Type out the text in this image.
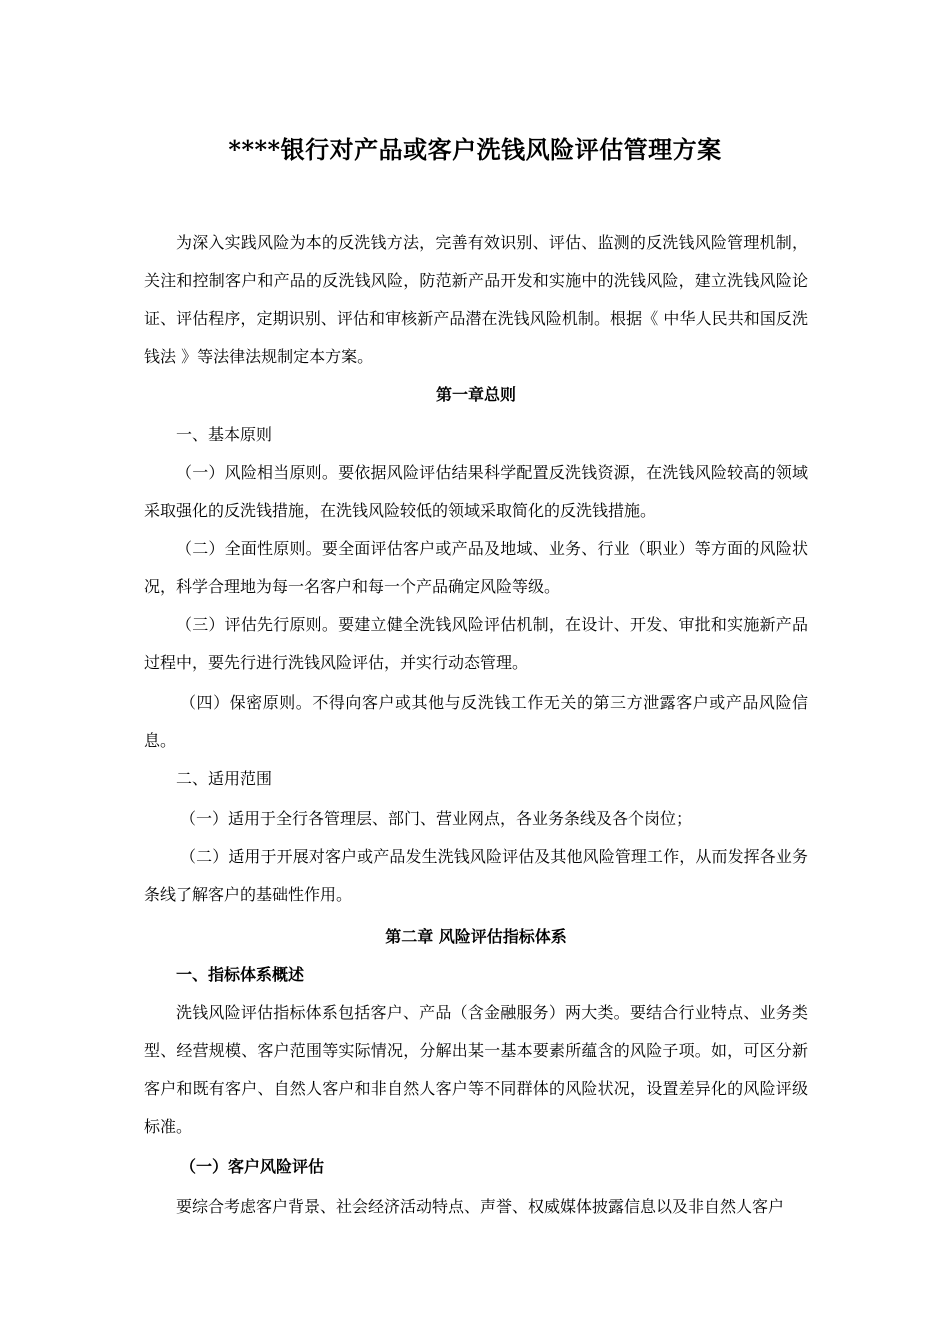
****银行对产品或客户洗钱风险评估管理方案

为深入实践风险为本的反洗钱方法，完善有效识别、评估、监测的反洗钱风险管理机制，关注和控制客户和产品的反洗钱风险，防范新产品开发和实施中的洗钱风险，建立洗钱风险论证、评估程序，定期识别、评估和审核新产品潜在洗钱风险机制。根据《 中华人民共和国反洗钱法 》等法律法规制定本方案。

第一章总则
一、基本原则

（一）风险相当原则。要依据风险评估结果科学配置反洗钱资源，在洗钱风险较高的领域采取强化的反洗钱措施，在洗钱风险较低的领域采取简化的反洗钱措施。

（二）全面性原则。要全面评估客户或产品及地域、业务、行业（职业）等方面的风险状况，科学合理地为每一名客户和每一个产品确定风险等级。

（三）评估先行原则。要建立健全洗钱风险评估机制，在设计、开发、审批和实施新产品过程中，要先行进行洗钱风险评估，并实行动态管理。

（四）保密原则。不得向客户或其他与反洗钱工作无关的第三方泄露客户或产品风险信息。

二、适用范围

（一）适用于全行各管理层、部门、营业网点，各业务条线及各个岗位；

（二）适用于开展对客户或产品发生洗钱风险评估及其他风险管理工作，从而发挥各业务条线了解客户的基础性作用。

第二章 风险评估指标体系
一、指标体系概述

洗钱风险评估指标体系包括客户、产品（含金融服务）两大类。要结合行业特点、业务类型、经营规模、客户范围等实际情况，分解出某一基本要素所蕴含的风险子项。如，可区分新客户和既有客户、自然人客户和非自然人客户等不同群体的风险状况，设置差异化的风险评级标准。

（一）客户风险评估

要综合考虑客户背景、社会经济活动特点、声誉、权威媒体披露信息以及非自然人客户
